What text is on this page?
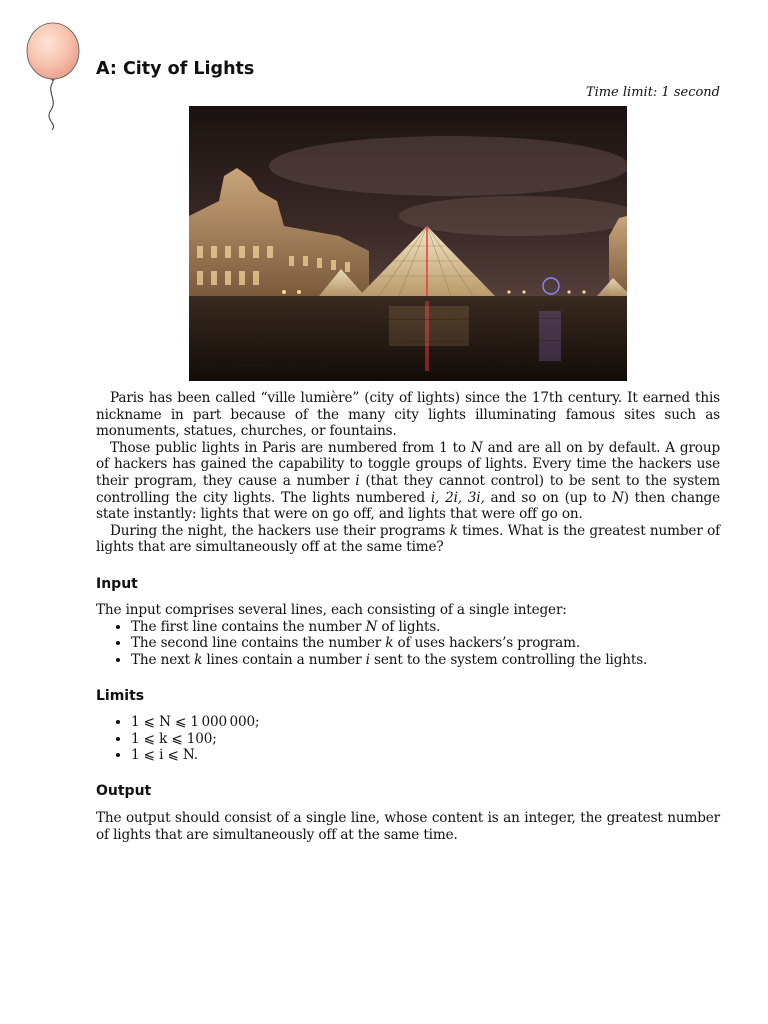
A: City of Lights
Time limit: 1 second

Paris has been called “ville lumière” (city of lights) since the 17th century. It earned this nickname in part because of the many city lights illuminating famous sites such as monuments, statues, churches, or fountains.

Those public lights in Paris are numbered from 1 to N and are all on by default. A group of hackers has gained the capability to toggle groups of lights. Every time the hackers use their program, they cause a number i (that they cannot control) to be sent to the system controlling the city lights. The lights numbered i, 2i, 3i, and so on (up to N) then change state instantly: lights that were on go off, and lights that were off go on.

During the night, the hackers use their programs k times. What is the greatest number of lights that are simultaneously off at the same time?

Input
The input comprises several lines, each consisting of a single integer:
• The first line contains the number N of lights.
• The second line contains the number k of uses hackers’s program.
• The next k lines contain a number i sent to the system controlling the lights.
Limits
• 1 ⩽ N ⩽ 1 000 000;
• 1 ⩽ k ⩽ 100;
• 1 ⩽ i ⩽ N.
Output
The output should consist of a single line, whose content is an integer, the greatest number of lights that are simultaneously off at the same time.
